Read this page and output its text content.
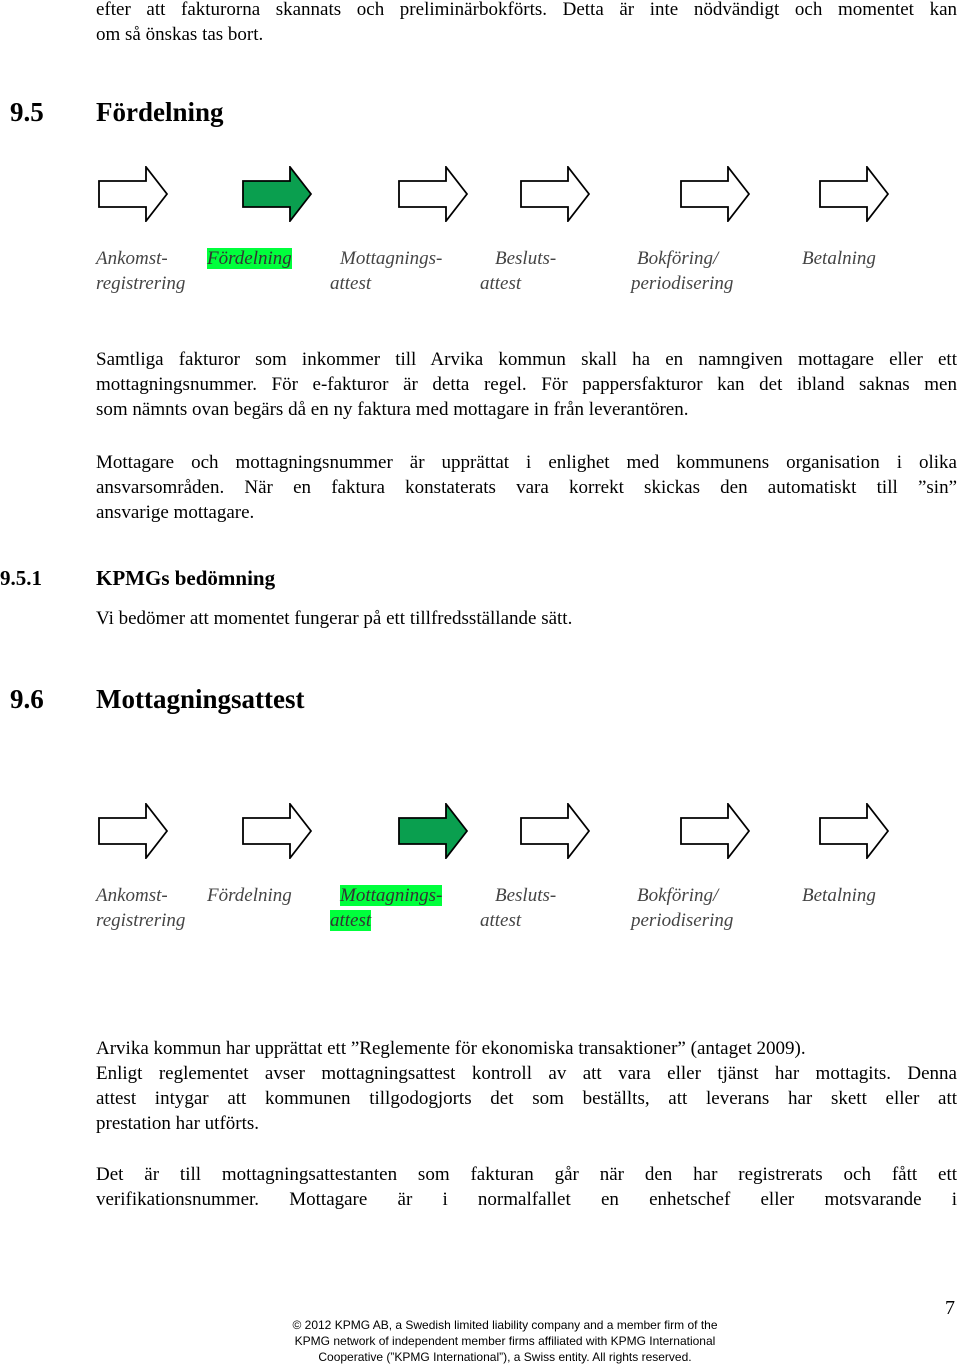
efter att fakturorna skannats och preliminärbokförts. Detta är inte nödvändigt och momentet kan
om så önskas tas bort.
9.5 Fördelning
Ankomst-
registrering
Fördelning	Mottagnings-
attest
Besluts-
attest
Bokföring/
periodisering
Betalning
Samtliga fakturor som inkommer till Arvika kommun skall ha en namngiven mottagare eller ett
mottagningsnummer. För e-fakturor är detta regel. För pappersfakturor kan det ibland saknas men
som nämnts ovan begärs då en ny faktura med mottagare in från leverantören.
Mottagare och mottagningsnummer är upprättat i enlighet med kommunens organisation i olika
ansvarsområden. När en faktura konstaterats vara korrekt skickas den automatiskt till ”sin”
ansvarige mottagare.
9.5.1	KPMGs bedömning
Vi bedömer att momentet fungerar på ett tillfredsställande sätt.
9.6 Mottagningsattest
Ankomst-
registrering
Fördelning	Mottagnings-
attest
Besluts-
attest
Bokföring/
periodisering
Betalning
Arvika kommun har upprättat ett ”Reglemente för ekonomiska transaktioner” (antaget 2009).
Enligt reglementet avser mottagningsattest kontroll av att vara eller tjänst har mottagits. Denna
attest intygar att kommunen tillgodogjorts det som beställts, att leverans har skett eller att
prestation har utförts.
Det är till mottagningsattestanten som fakturan går när den har registrerats och fått ett
verifikationsnummer. Mottagare är i normalfallet en enhetschef eller motsvarande i
© 2012 KPMG AB, a Swedish limited liability company and a member firm of the
KPMG network of independent member firms affiliated with KPMG International
Cooperative (”KPMG International”), a Swiss entity. All rights reserved.
7
